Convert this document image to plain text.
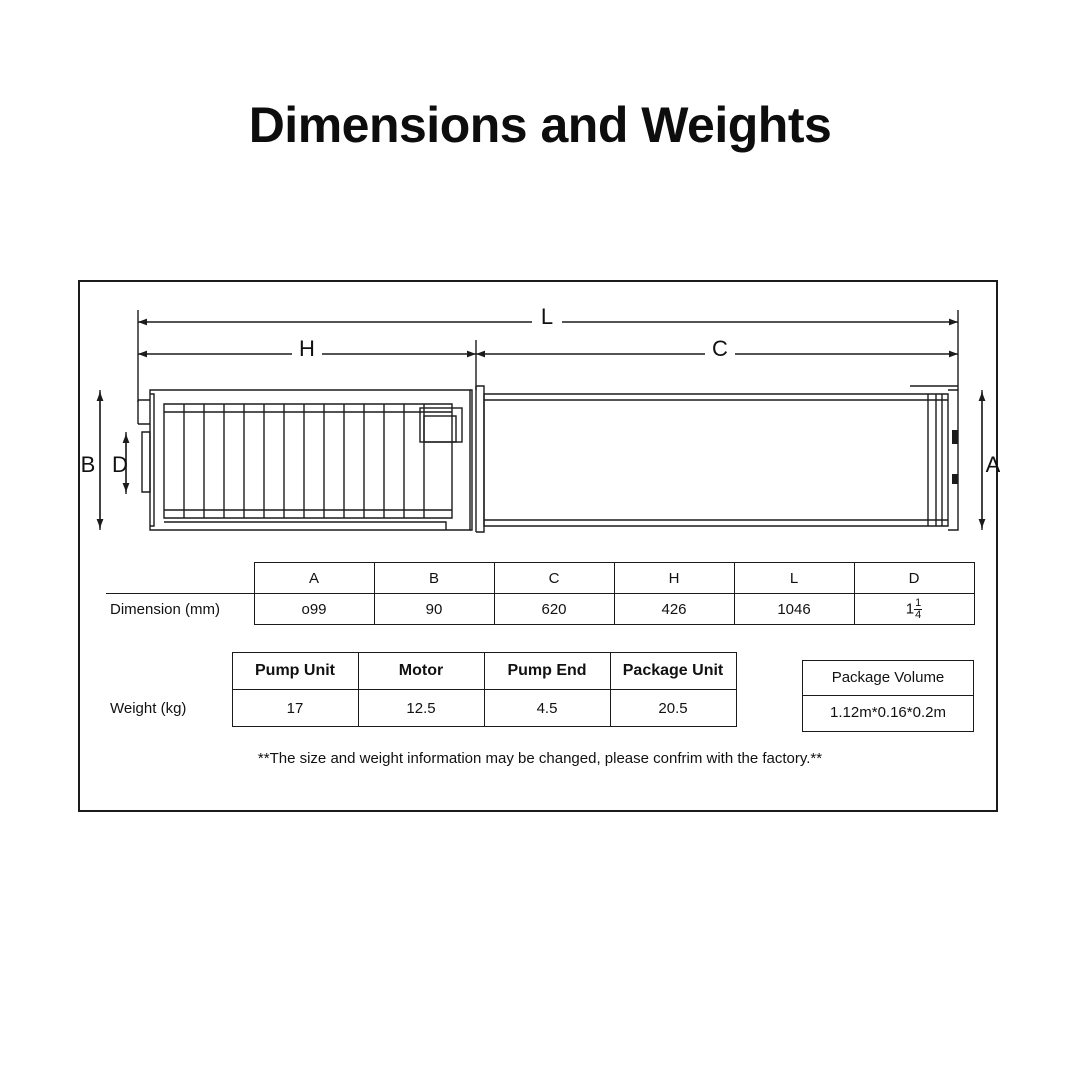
Dimensions and Weights
L
H	C
B D	A
	A	B	C	H	L	D
Dimension (mm)	o99	90	620	426	1046	$1 \frac{1}{4}$
	Pump Unit	Motor	Pump End	Package Unit
Weight (kg)	17	12.5	4.5	20.5
Package Volume
1.12m*0.16*0.2m
**The size and weight information may be changed, please confrim with the factory.**
